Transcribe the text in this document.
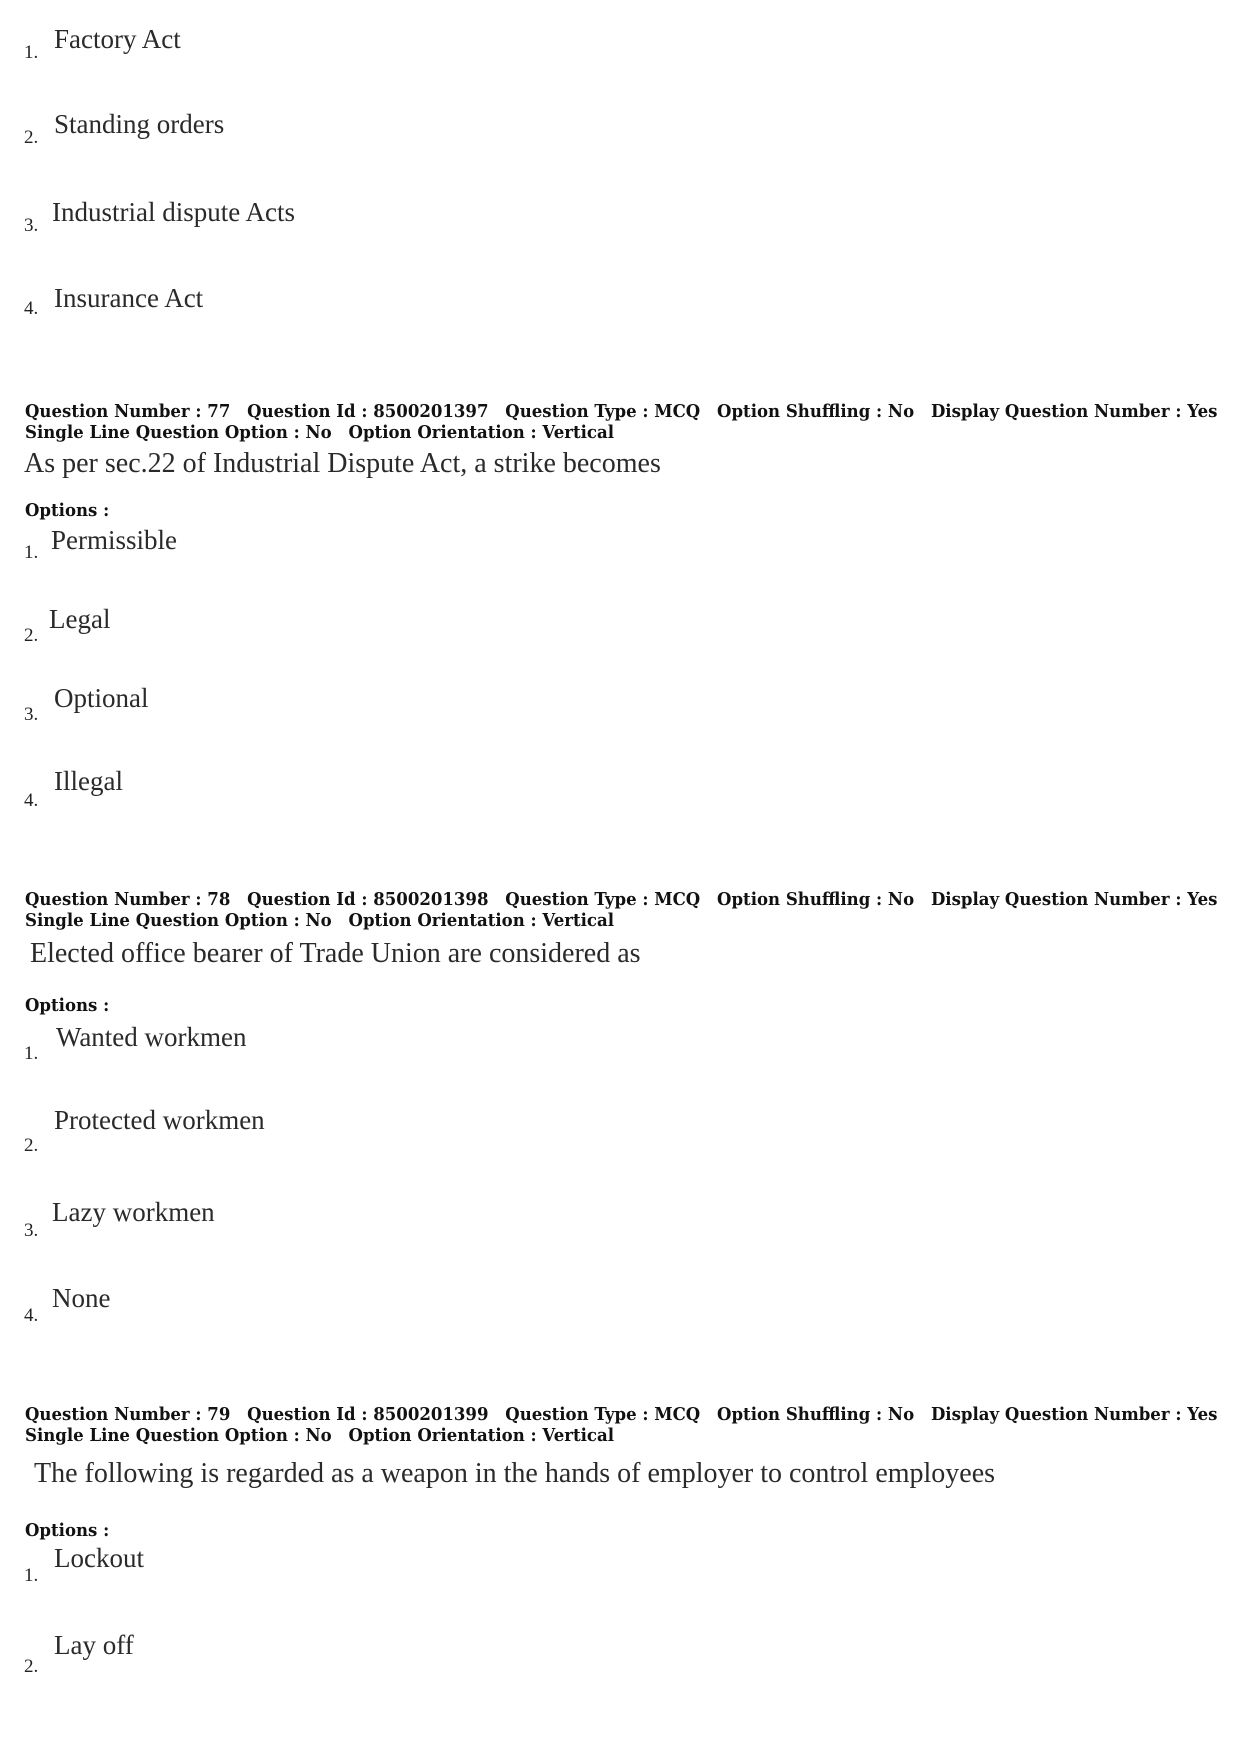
1. Factory Act
2. Standing orders
3. Industrial dispute Acts
4. Insurance Act
Question Number : 77 Question Id : 8500201397 Question Type : MCQ Option Shuffling : No Display Question Number : Yes
Single Line Question Option : No Option Orientation : Vertical
As per sec.22 of Industrial Dispute Act, a strike becomes
Options :
1. Permissible
2.
Legal
3.
Optional
4.
Illegal
Question Number : 78 Question Id : 8500201398 Question Type : MCQ Option Shuffling : No Display Question Number : Yes
Single Line Question Option : No Option Orientation : Vertical
Elected office bearer of Trade Union are considered as
Options :
1.
Wanted workmen
2.
Protected workmen
3.
Lazy workmen
4.
None
Question Number : 79 Question Id : 8500201399 Question Type : MCQ Option Shuffling : No Display Question Number : Yes
Single Line Question Option : No Option Orientation : Vertical
The following is regarded as a weapon in the hands of employer to control employees
Options :
1.
Lockout
2.
Lay off
